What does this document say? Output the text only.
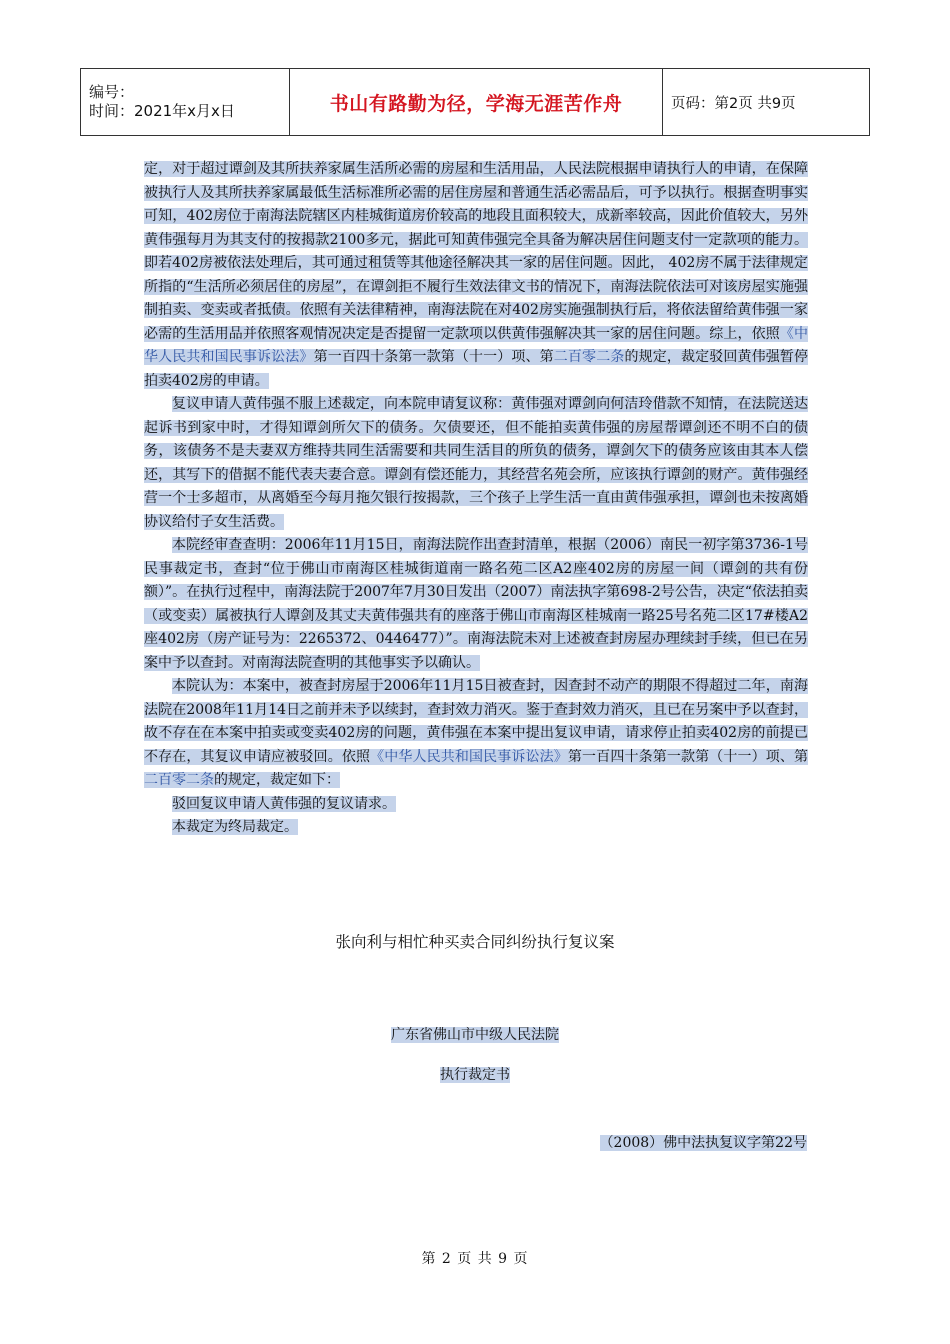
编号：
时间：2021年x月x日	书山有路勤为径，学海无涯苦作舟	页码：第2页 共9页

定，对于超过谭剑及其所扶养家属生活所必需的房屋和生活用品，人民法院根据申请执行人的申请，在保障被执行人及其所扶养家属最低生活标准所必需的居住房屋和普通生活必需品后，可予以执行。根据查明事实可知，402房位于南海法院辖区内桂城街道房价较高的地段且面积较大，成新率较高，因此价值较大，另外黄伟强每月为其支付的按揭款2100多元，据此可知黄伟强完全具备为解决居住问题支付一定款项的能力。即若402房被依法处理后，其可通过租赁等其他途径解决其一家的居住问题。因此， 402房不属于法律规定所指的“生活所必须居住的房屋”，在谭剑拒不履行生效法律文书的情况下，南海法院依法可对该房屋实施强制拍卖、变卖或者抵债。依照有关法律精神，南海法院在对402房实施强制执行后，将依法留给黄伟强一家必需的生活用品并依照客观情况决定是否提留一定款项以供黄伟强解决其一家的居住问题。综上，依照《中华人民共和国民事诉讼法》第一百四十条第一款第（十一）项、第二百零二条的规定，裁定驳回黄伟强暂停拍卖402房的申请。

复议申请人黄伟强不服上述裁定，向本院申请复议称：黄伟强对谭剑向何洁玲借款不知情，在法院送达起诉书到家中时，才得知谭剑所欠下的债务。欠债要还，但不能拍卖黄伟强的房屋帮谭剑还不明不白的债务，该债务不是夫妻双方维持共同生活需要和共同生活目的所负的债务，谭剑欠下的债务应该由其本人偿还，其写下的借据不能代表夫妻合意。谭剑有偿还能力，其经营名苑会所，应该执行谭剑的财产。黄伟强经营一个士多超市，从离婚至今每月拖欠银行按揭款，三个孩子上学生活一直由黄伟强承担，谭剑也未按离婚协议给付子女生活费。

本院经审查查明：2006年11月15日，南海法院作出查封清单，根据（2006）南民一初字第3736-1号民事裁定书，查封“位于佛山市南海区桂城街道南一路名苑二区A2座402房的房屋一间（谭剑的共有份额）”。在执行过程中，南海法院于2007年7月30日发出（2007）南法执字第698-2号公告，决定“依法拍卖（或变卖）属被执行人谭剑及其丈夫黄伟强共有的座落于佛山市南海区桂城南一路25号名苑二区17#楼A2座402房（房产证号为：2265372、0446477）”。南海法院未对上述被查封房屋办理续封手续，但已在另案中予以查封。对南海法院查明的其他事实予以确认。

本院认为：本案中，被查封房屋于2006年11月15日被查封，因查封不动产的期限不得超过二年，南海法院在2008年11月14日之前并未予以续封，查封效力消灭。鉴于查封效力消灭，且已在另案中予以查封，故不存在在本案中拍卖或变卖402房的问题，黄伟强在本案中提出复议申请，请求停止拍卖402房的前提已不存在，其复议申请应被驳回。依照《中华人民共和国民事诉讼法》第一百四十条第一款第（十一）项、第二百零二条的规定，裁定如下：

驳回复议申请人黄伟强的复议请求。

本裁定为终局裁定。

张向利与相忙种买卖合同纠纷执行复议案
广东省佛山市中级人民法院
执行裁定书
（2008）佛中法执复议字第22号
第 2 页 共 9 页
